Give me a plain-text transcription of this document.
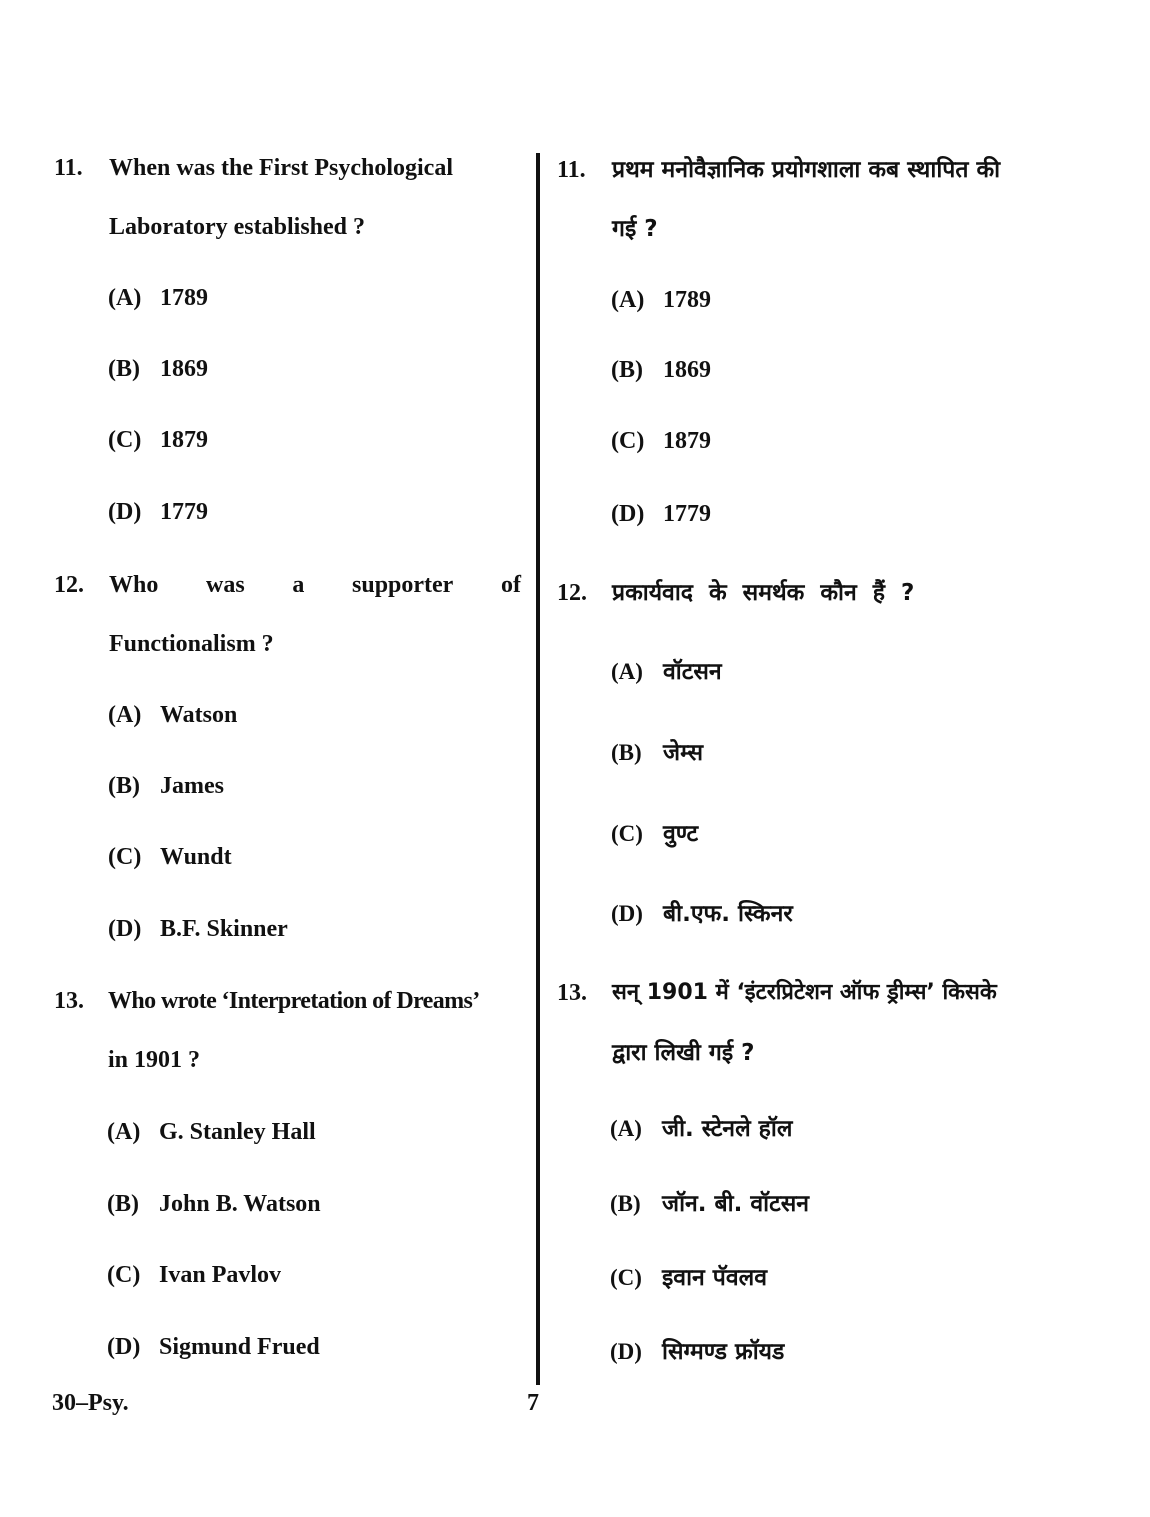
11. When was the First Psychological
Laboratory established ?
(A) 1789
(B) 1869
(C) 1879
(D) 1779
12. Who was a supporter of
Functionalism ?
(A) Watson
(B) James
(C) Wundt
(D) B.F. Skinner
13. Who wrote ‘Interpretation of Dreams’
in 1901 ?
(A) G. Stanley Hall
(B) John B. Watson
(C) Ivan Pavlov
(D) Sigmund Frued
11. प्रथम मनोवैज्ञानिक प्रयोगशाला कब स्थापित की
गई ?
(A) 1789
(B) 1869
(C) 1879
(D) 1779
12. प्रकार्यवाद के समर्थक कौन हैं ?
(A) वॉटसन
(B) जेम्स
(C) वुण्ट
(D) बी.एफ. स्किनर
13. सन् 1901 में ‘इंटरप्रिटेशन ऑफ ड्रीम्स’ किसके
द्वारा लिखी गई ?
(A) जी. स्टेनले हॉल
(B) जॉन. बी. वॉटसन
(C) इवान पॅवलव
(D) सिग्मण्ड फ्रॉयड
30–Psy.	7
